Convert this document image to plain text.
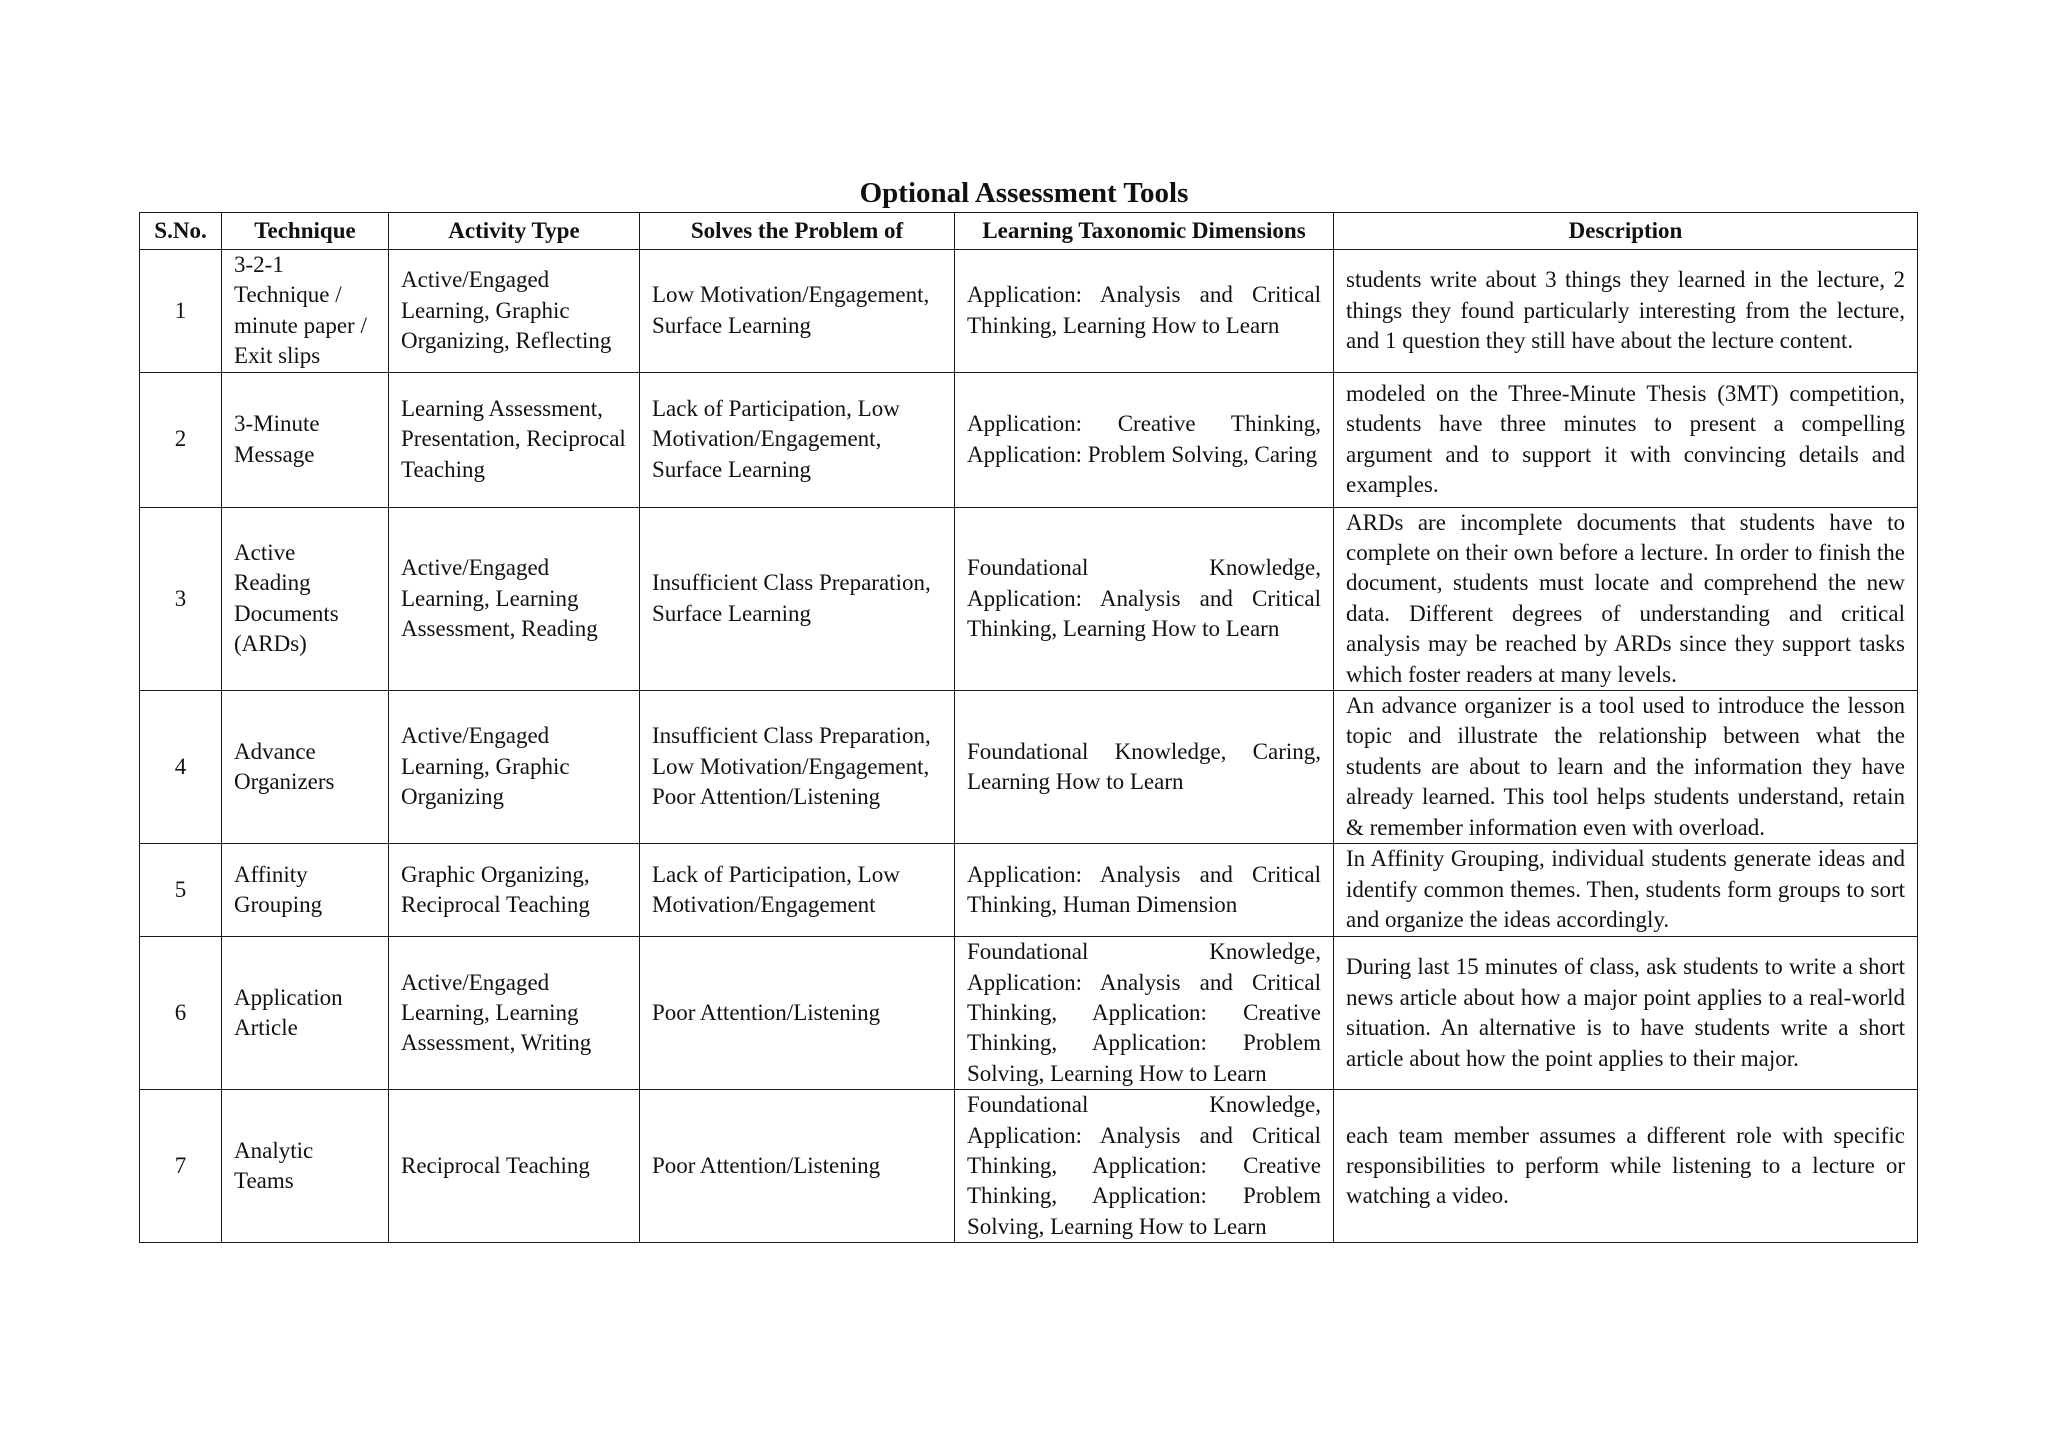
Optional Assessment Tools
S.No.	Technique	Activity Type	Solves the Problem of	Learning Taxonomic Dimensions	Description
1	3-2-1 Technique / minute paper / Exit slips	Active/Engaged Learning, Graphic Organizing, Reflecting	Low Motivation/Engagement, Surface Learning	Application: Analysis and Critical Thinking, Learning How to Learn	students write about 3 things they learned in the lecture, 2 things they found particularly interesting from the lecture, and 1 question they still have about the lecture content.
2	3-Minute Message	Learning Assessment, Presentation, Reciprocal Teaching	Lack of Participation, Low Motivation/Engagement, Surface Learning	Application: Creative Thinking, Application: Problem Solving, Caring	modeled on the Three-Minute Thesis (3MT) competition, students have three minutes to present a compelling argument and to support it with convincing details and examples.
3	Active Reading Documents (ARDs)	Active/Engaged Learning, Learning Assessment, Reading	Insufficient Class Preparation, Surface Learning	Foundational Knowledge, Application: Analysis and Critical Thinking, Learning How to Learn	ARDs are incomplete documents that students have to complete on their own before a lecture. In order to finish the document, students must locate and comprehend the new data. Different degrees of understanding and critical analysis may be reached by ARDs since they support tasks which foster readers at many levels.
4	Advance Organizers	Active/Engaged Learning, Graphic Organizing	Insufficient Class Preparation, Low Motivation/Engagement, Poor Attention/Listening	Foundational Knowledge, Caring, Learning How to Learn	An advance organizer is a tool used to introduce the lesson topic and illustrate the relationship between what the students are about to learn and the information they have already learned. This tool helps students understand, retain & remember information even with overload.
5	Affinity Grouping	Graphic Organizing, Reciprocal Teaching	Lack of Participation, Low Motivation/Engagement	Application: Analysis and Critical Thinking, Human Dimension	In Affinity Grouping, individual students generate ideas and identify common themes. Then, students form groups to sort and organize the ideas accordingly.
6	Application Article	Active/Engaged Learning, Learning Assessment, Writing	Poor Attention/Listening	Foundational Knowledge, Application: Analysis and Critical Thinking, Application: Creative Thinking, Application: Problem Solving, Learning How to Learn	During last 15 minutes of class, ask students to write a short news article about how a major point applies to a real-world situation. An alternative is to have students write a short article about how the point applies to their major.
7	Analytic Teams	Reciprocal Teaching	Poor Attention/Listening	Foundational Knowledge, Application: Analysis and Critical Thinking, Application: Creative Thinking, Application: Problem Solving, Learning How to Learn	each team member assumes a different role with specific responsibilities to perform while listening to a lecture or watching a video.
